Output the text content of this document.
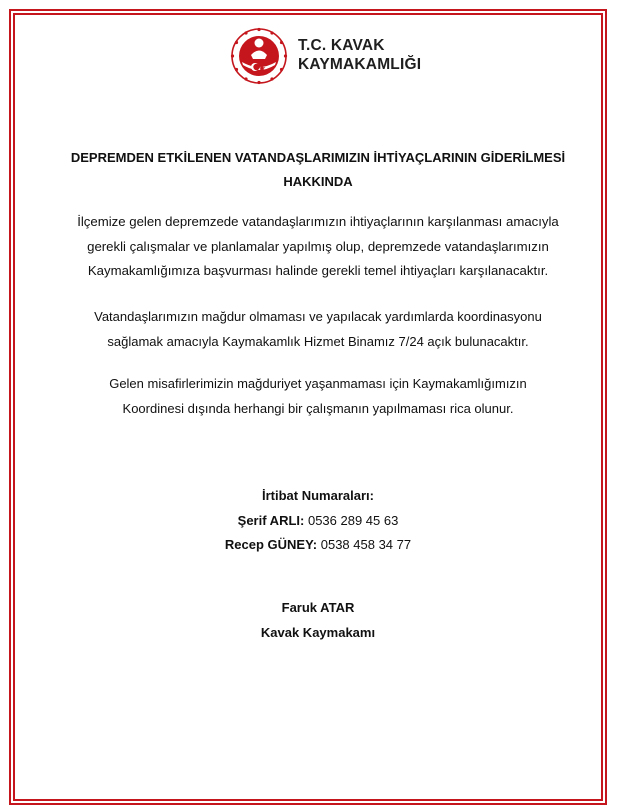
T.C. KAVAK
KAYMAKAMLIĞI
DEPREMDEN ETKİLENEN VATANDAŞLARIMIZIN İHTİYAÇLARININ GİDERİLMESİ
HAKKINDA
İlçemize gelen depremzede vatandaşlarımızın ihtiyaçlarının karşılanması amacıyla
gerekli çalışmalar ve planlamalar yapılmış olup, depremzede vatandaşlarımızın
Kaymakamlığımıza başvurması halinde gerekli temel ihtiyaçları karşılanacaktır.
Vatandaşlarımızın mağdur olmaması ve yapılacak yardımlarda koordinasyonu
sağlamak amacıyla Kaymakamlık Hizmet Binamız 7/24 açık bulunacaktır.
Gelen misafirlerimizin mağduriyet yaşanmaması için Kaymakamlığımızın
Koordinesi dışında herhangi bir çalışmanın yapılmaması rica olunur.
İrtibat Numaraları:
Şerif ARLI: 0536 289 45 63
Recep GÜNEY: 0538 458 34 77
Faruk ATAR
Kavak Kaymakamı
